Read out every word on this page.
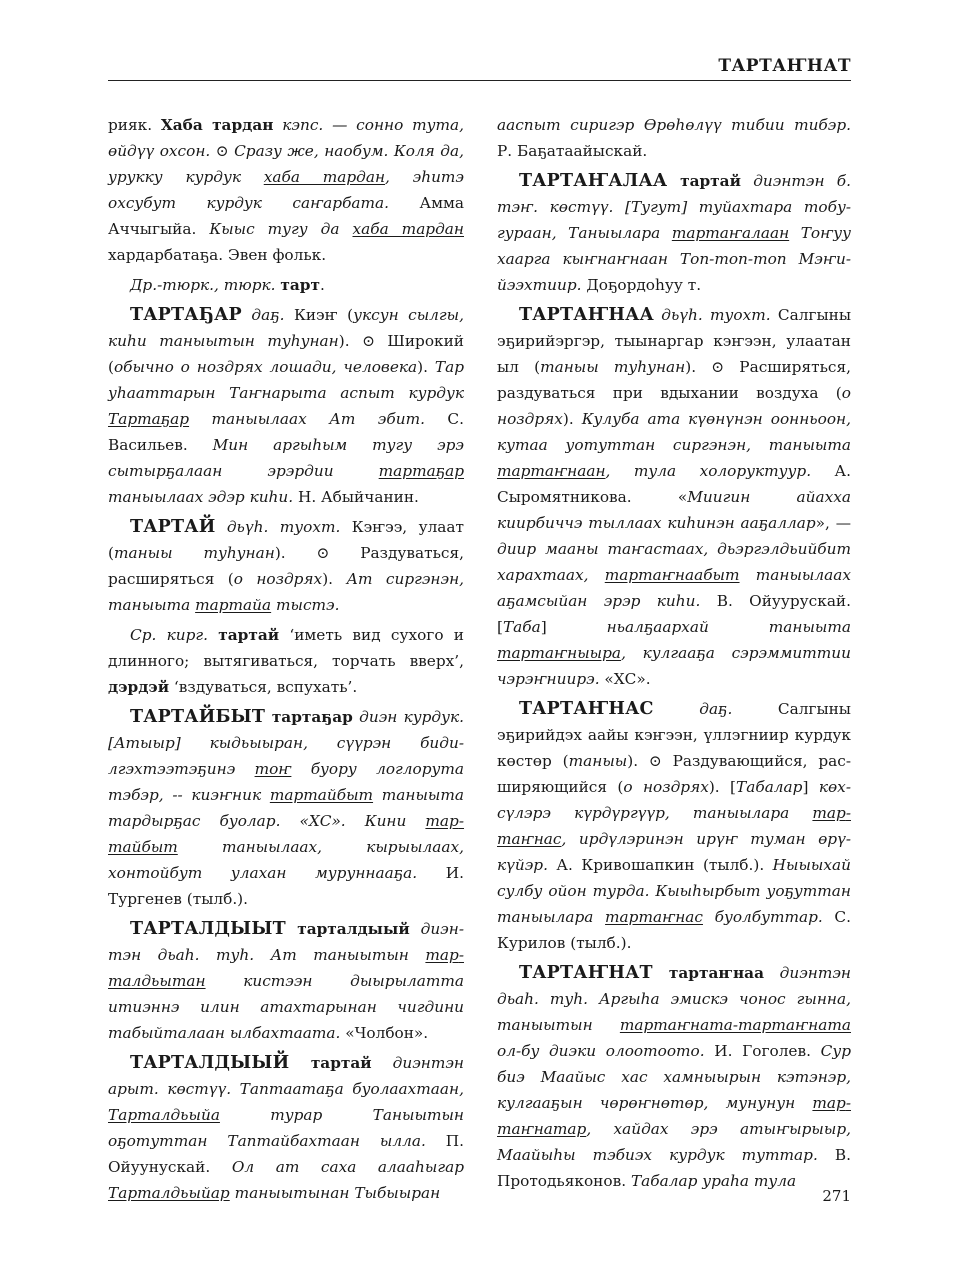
ТАРТАҤНАТ

рияк. Хаба тардан кэпс. — сонно тута, өйдүү охсон. ⊙ Сразу же, наобум. Коля да, урукку курдук хаба тардан, эһитэ охсубут курдук саҥарбата. Амма Аччыгыйа. Кыыс тугу да хаба тардан хардарбатаҕа. Эвен фольк.

Др.-тюрк., тюрк. тарт.

ТАРТАҔАР даҕ. Киэҥ (уксун сылгы, киһи таныытын туһунан). ⊙ Широкий (обычно о ноздрях лошади, человека). Тар уһааттарын Таҥнарыта аспыт курдук Тартаҕар таныылаах Ат эбит. С. Васильев. Мин аргыһым тугу эрэ сытырҕалаан эрэрдии тартаҕар таныылаах эдэр киһи. Н. Абыйчанин.

ТАРТАЙ дьүһ. туохт. Кэҥээ, улаат (таныы туһунан). ⊙ Раздуваться, расширяться (о ноздрях). Ат сиргэнэн, таныыта тартайа тыстэ.

Ср. кирг. тартай ‘иметь вид сухого и длинного; вытягиваться, торчать вверх’, дэрдэй ‘вздуваться, вспухать’.

ТАРТАЙБЫТ тартаҕар диэн курдук. [Атыыр] кыдьыыран, сүүрэн бидилгэхтээтэҕинэ тоҥ буору логлорута тэбэр, -- киэҥник тартайбыт таныыта тардырҕас буолар. «ХС». Кини тартайбыт таныылаах, кырыылаах, хонтойбут улахан муруннааҕа. И. Тургенев (тылб.).

ТАРТАЛДЫЫТ тарталдыый диэнтэн дьаһ. туһ. Ат таныытын тарталдьытан кистээн дыырылатта итиэннэ илин атахтарынан чигдини табыйталаан ылбахтаата. «Чолбон».

ТАРТАЛДЫЫЙ тартай диэнтэн арыт. көстүү. Таптаатаҕа буолаахтаан, Тарталдьыйа турар Таныытын оҕотуттан Таптайбахтаан ылла. П. Ойуунускай. Ол ат саха алааһыгар Тарталдьыйар таныытынан Тыбыыран

ааспыт сиригэр Өрөһөлүү тибии тибэр. Р. Баҕатаайыскай.

ТАРТАҤАЛАА тартай диэнтэн б. тэҥ. көстүү. [Тугут] туйахтара тобугураан, Таныылара тартаҥалаан Тоҥуу хаарга кыҥнаҥнаан Топ-топ-топ Мэҥийээхтиир. Доҕордоһуу т.

ТАРТАҤНАА дьүһ. туохт. Салгыны эҕирийэргэр, тыынаргар кэҥээн, улаатан ыл (таныы туһунан). ⊙ Расширяться, раздуваться при вдыхании воздуха (о ноздрях). Кулуба ата күөнүнэн оонньоон, кутаа уотуттан сиргэнэн, таныыта тартаҥнаан, тула холоруктуур. А. Сыромятникова. «Миигин айахха киирбиччэ тыллаах киһинэн ааҕаллар», — диир мааны таҥастаах, дьэргэлдьийбит харахтаах, тартаҥнаабыт таныылаах аҕамсыйан эрэр киһи. В. Ойуурускай. [Таба] ньалҕаархай таныыта тартаҥныыра, кулгааҕа сэрэммиттии чэрэҥниирэ. «ХС».

ТАРТАҤНАС даҕ. Салгыны эҕирийдэх аайы кэҥээн, үллэгниир курдук көстөр (таныы). ⊙ Раздувающийся, расширяющийся (о ноздрях). [Табалар] көхсүлэрэ күрдүргүүр, таныылара тартаҥнас, ирдүлэринэн ирүҥ туман өрүкүйэр. А. Кривошапкин (тылб.). Ныыыхай сулбу ойон турда. Кыыһырбыт уоҕуттан таныылара тартаҥнас буолбуттар. С. Курилов (тылб.).

ТАРТАҤНАТ тартаҥнаа диэнтэн дьаһ. туһ. Аргыһа эмискэ чонос гынна, таныытын тартаҥната-тартаҥната ол-бу диэки олоотоото. И. Гоголев. Сур биэ Маайыс хас хамныырын кэтэнэр, кулгааҕын чөрөҥнөтөр, мунунун тартаҥнатар, хайдах эрэ атыҥырыыр, Маайыһы тэбиэх курдук туттар. В. Протодьяконов. Табалар ураһа тула

271
